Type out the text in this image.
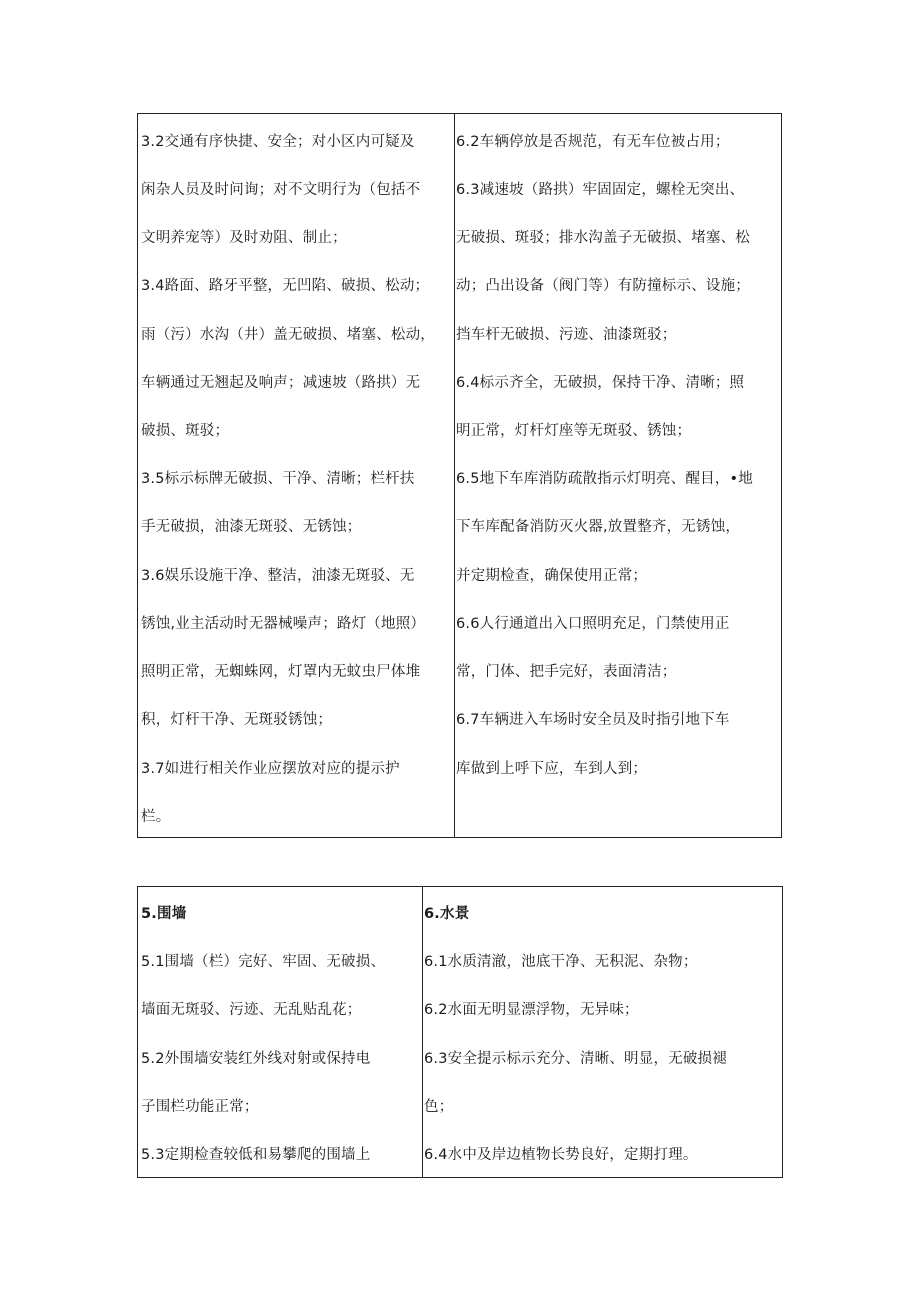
3.2交通有序快捷、安全；对小区内可疑及
闲杂人员及时问询；对不文明行为（包括不
文明养宠等）及时劝阻、制止；
3.4路面、路牙平整，无凹陷、破损、松动；
雨（污）水沟（井）盖无破损、堵塞、松动，
车辆通过无翘起及响声；减速坡（路拱）无
破损、斑驳；
3.5标示标牌无破损、干净、清晰；栏杆扶
手无破损，油漆无斑驳、无锈蚀；
3.6娱乐设施干净、整洁，油漆无斑驳、无
锈蚀,业主活动时无器械噪声；路灯（地照）
照明正常，无蜘蛛网，灯罩内无蚊虫尸体堆
积，灯杆干净、无斑驳锈蚀；
3.7如进行相关作业应摆放对应的提示护
栏。
6.2车辆停放是否规范，有无车位被占用；
6.3减速坡（路拱）牢固固定，螺栓无突出、
无破损、斑驳；排水沟盖子无破损、堵塞、松
动；凸出设备（阀门等）有防撞标示、设施；
挡车杆无破损、污迹、油漆斑驳；
6.4标示齐全，无破损，保持干净、清晰；照
明正常，灯杆灯座等无斑驳、锈蚀；
6.5地下车库消防疏散指示灯明亮、醒目，•地
下车库配备消防灭火器,放置整齐，无锈蚀，
并定期检查，确保使用正常；
6.6人行通道出入口照明充足，门禁使用正
常，门体、把手完好，表面清洁；
6.7车辆进入车场时安全员及时指引地下车
库做到上呼下应，车到人到；
5.围墙
5.1围墙（栏）完好、牢固、无破损、
墙面无斑驳、污迹、无乱贴乱花；
5.2外围墙安装红外线对射或保持电
子围栏功能正常；
5.3定期检查较低和易攀爬的围墙上
6.水景
6.1水质清澈，池底干净、无积泥、杂物；
6.2水面无明显漂浮物，无异味；
6.3安全提示标示充分、清晰、明显，无破损褪
色；
6.4水中及岸边植物长势良好，定期打理。
